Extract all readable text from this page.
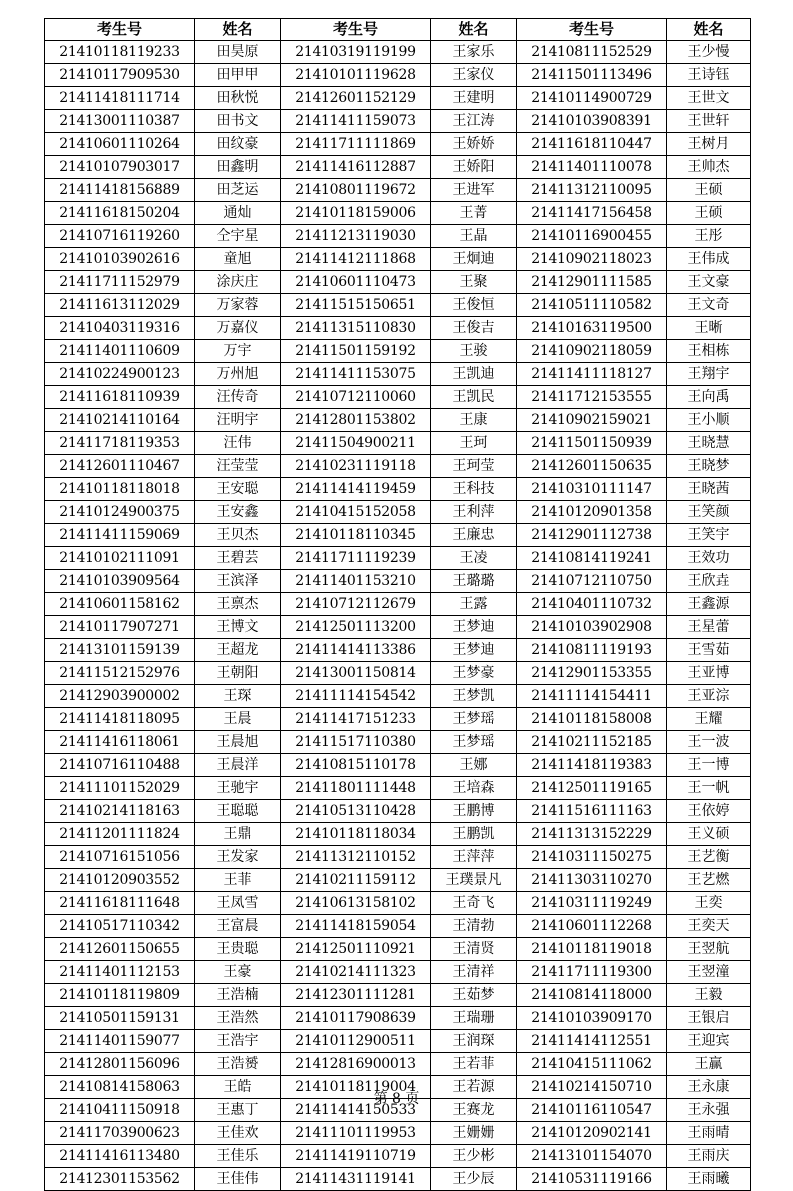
考生号	姓名	考生号	姓名	考生号	姓名
21410118119233	田昊原	21410319119199	王家乐	21410811152529	王少慢
21410117909530	田甲甲	21410101119628	王家仪	21411501113496	王诗钰
21411418111714	田秋悦	21412601152129	王建明	21410114900729	王世文
21413001110387	田书文	21411411159073	王江涛	21410103908391	王世轩
21410601110264	田纹豪	21411711111869	王娇娇	21411618110447	王树月
21410107903017	田鑫明	21411416112887	王娇阳	21411401110078	王帅杰
21411418156889	田芝运	21410801119672	王进军	21411312110095	王硕
21411618150204	通灿	21410118159006	王菁	21411417156458	王硕
21410716119260	仝宇星	21411213119030	王晶	21410116900455	王彤
21410103902616	童旭	21411412111868	王炯迪	21410902118023	王伟成
21411711152979	涂庆庄	21410601110473	王聚	21412901111585	王文豪
21411613112029	万家蓉	21411515150651	王俊恒	21410511110582	王文奇
21410403119316	万嘉仪	21411315110830	王俊吉	21410163119500	王晰
21411401110609	万宇	21411501159192	王骏	21410902118059	王相栋
21410224900123	万州旭	21411411153075	王凯迪	21411411118127	王翔宇
21411618110939	汪传奇	21410712110060	王凯民	21411712153555	王向禹
21410214110164	汪明宇	21412801153802	王康	21410902159021	王小顺
21411718119353	汪伟	21411504900211	王珂	21411501150939	王晓慧
21412601110467	汪莹莹	21410231119118	王珂莹	21412601150635	王晓梦
21410118118018	王安聪	21411414119459	王科技	21410310111147	王晓茜
21410124900375	王安鑫	21410415152058	王利萍	21410120901358	王笑颜
21411411159069	王贝杰	21410118110345	王廉忠	21412901112738	王笑宇
21410102111091	王碧芸	21411711119239	王凌	21410814119241	王效功
21410103909564	王滨泽	21411401153210	王璐璐	21410712110750	王欣垚
21410601158162	王禀杰	21410712112679	王露	21410401110732	王鑫源
21410117907271	王博文	21412501113200	王梦迪	21410103902908	王星蕾
21413101159139	王超龙	21411414113386	王梦迪	21410811119193	王雪茹
21411512152976	王朝阳	21413001150814	王梦豪	21412901153355	王亚博
21412903900002	王琛	21411114154542	王梦凯	21411114154411	王亚淙
21411418118095	王晨	21411417151233	王梦瑶	21410118158008	王耀
21411416118061	王晨旭	21411517110380	王梦瑶	21410211152185	王一波
21410716110488	王晨洋	21410815110178	王娜	21411418119383	王一博
21411101152029	王驰宇	21411801111448	王培森	21412501119165	王一帆
21410214118163	王聪聪	21410513110428	王鹏博	21411516111163	王依婷
21411201111824	王鼎	21410118118034	王鹏凯	21411313152229	王义硕
21410716151056	王发家	21411312110152	王萍萍	21410311150275	王艺衡
21410120903552	王菲	21410211159112	王璞景凡	21411303110270	王艺燃
21411618111648	王凤雪	21410613158102	王奇飞	21410311119249	王奕
21410517110342	王富晨	21411418159054	王清勃	21410601112268	王奕天
21412601150655	王贵聪	21412501110921	王清贤	21410118119018	王翌航
21411401112153	王豪	21410214111323	王清祥	21411711119300	王翌潼
21410118119809	王浩楠	21412301111281	王茹梦	21410814118000	王毅
21410501159131	王浩然	21410117908639	王瑞珊	21410103909170	王银启
21411401159077	王浩宇	21410112900511	王润琛	21411414112551	王迎宾
21412801156096	王浩赟	21412816900013	王若菲	21410415111062	王赢
21410814158063	王皓	21410118119004	王若源	21410214150710	王永康
21410411150918	王惠丁	21411414150533	王赛龙	21410116110547	王永强
21411703900623	王佳欢	21411101119953	王姗姗	21410120902141	王雨晴
21411416113480	王佳乐	21411419110719	王少彬	21413101154070	王雨庆
21412301153562	王佳伟	21411431119141	王少辰	21410531119166	王雨曦
第 8 页
